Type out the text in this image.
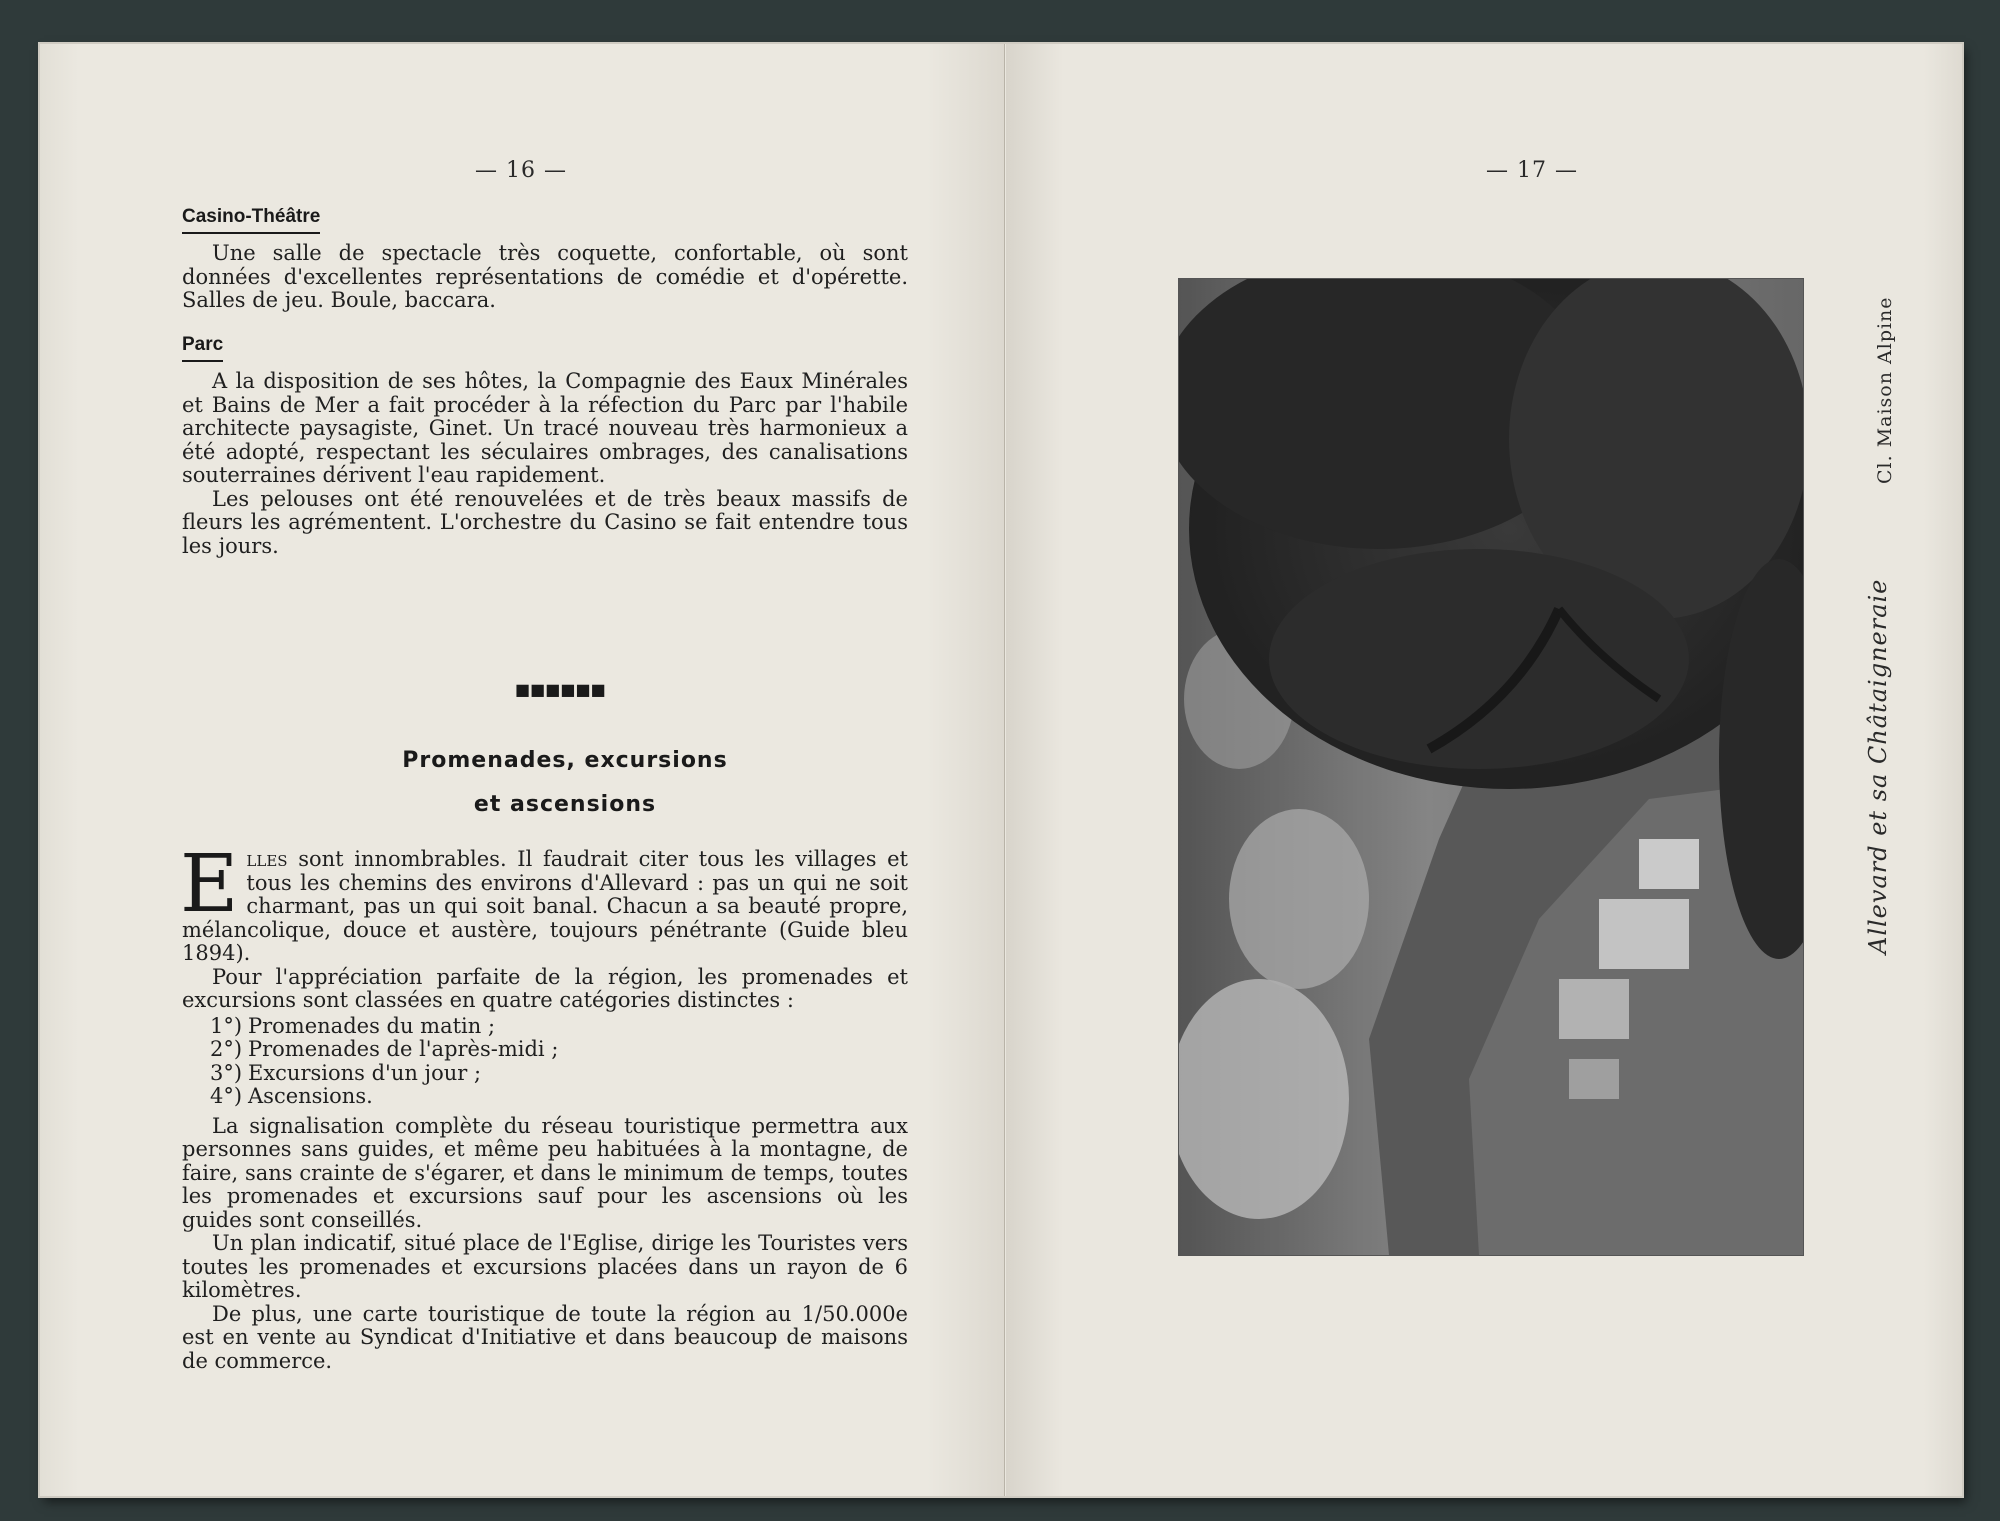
— 16 —
Casino-Théâtre

Une salle de spectacle très coquette, confortable, où sont données d'excellentes représentations de comédie et d'opérette. Salles de jeu. Boule, baccara.

Parc

A la disposition de ses hôtes, la Compagnie des Eaux Minérales et Bains de Mer a fait procéder à la réfection du Parc par l'habile architecte paysagiste, Ginet. Un tracé nouveau très harmonieux a été adopté, respectant les séculaires ombrages, des canalisations souterraines dérivent l'eau rapidement.

Les pelouses ont été renouvelées et de très beaux massifs de fleurs les agrémentent. L'orchestre du Casino se fait entendre tous les jours.

■■■■■■
Promenades, excursions
et ascensions

Elles sont innombrables. Il faudrait citer tous les villages et tous les chemins des environs d'Allevard : pas un qui ne soit charmant, pas un qui soit banal. Chacun a sa beauté propre, mélancolique, douce et austère, toujours pénétrante (Guide bleu 1894).

Pour l'appréciation parfaite de la région, les promenades et excursions sont classées en quatre catégories distinctes :

1°) Promenades du matin ;
2°) Promenades de l'après-midi ;
3°) Excursions d'un jour ;
4°) Ascensions.

La signalisation complète du réseau touristique permettra aux personnes sans guides, et même peu habituées à la montagne, de faire, sans crainte de s'égarer, et dans le minimum de temps, toutes les promenades et excursions sauf pour les ascensions où les guides sont conseillés.

Un plan indicatif, situé place de l'Eglise, dirige les Touristes vers toutes les promenades et excursions placées dans un rayon de 6 kilomètres.

De plus, une carte touristique de toute la région au 1/50.000e est en vente au Syndicat d'Initiative et dans beaucoup de maisons de commerce.

— 17 —
Allevard et sa Châtaigneraie
Cl. Maison Alpine
